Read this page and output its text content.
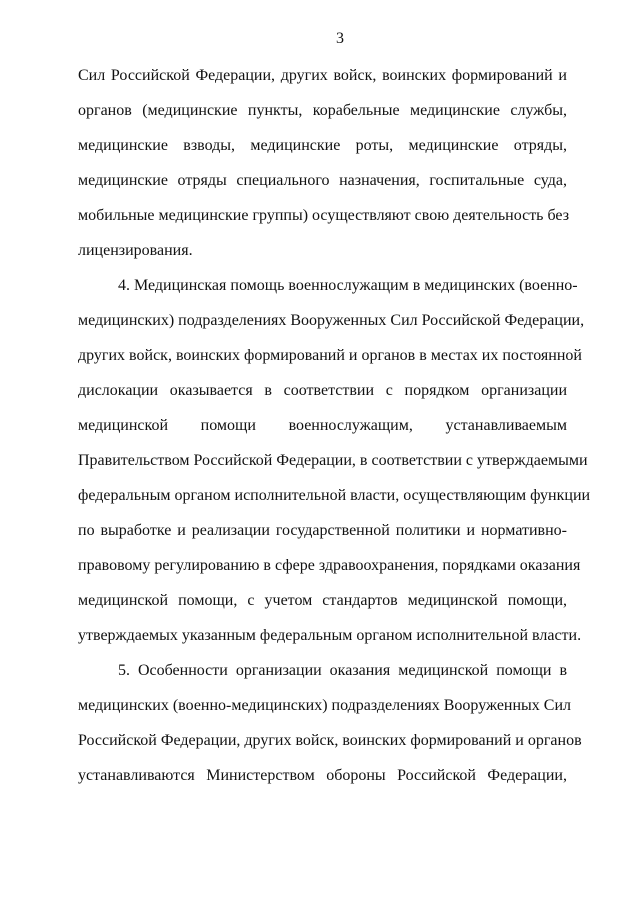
3
Сил Российской Федерации, других войск, воинских формирований и
органов (медицинские пункты, корабельные медицинские службы,
медицинские взводы, медицинские роты, медицинские отряды,
медицинские отряды специального назначения, госпитальные суда,
мобильные медицинские группы) осуществляют свою деятельность без
лицензирования.
4. Медицинская помощь военнослужащим в медицинских (военно-
медицинских) подразделениях Вооруженных Сил Российской Федерации,
других войск, воинских формирований и органов в местах их постоянной
дислокации оказывается в соответствии с порядком организации
медицинской помощи военнослужащим, устанавливаемым
Правительством Российской Федерации, в соответствии с утверждаемыми
федеральным органом исполнительной власти, осуществляющим функции
по выработке и реализации государственной политики и нормативно-
правовому регулированию в сфере здравоохранения, порядками оказания
медицинской помощи, с учетом стандартов медицинской помощи,
утверждаемых указанным федеральным органом исполнительной власти.
5. Особенности организации оказания медицинской помощи в
медицинских (военно-медицинских) подразделениях Вооруженных Сил
Российской Федерации, других войск, воинских формирований и органов
устанавливаются Министерством обороны Российской Федерации,
